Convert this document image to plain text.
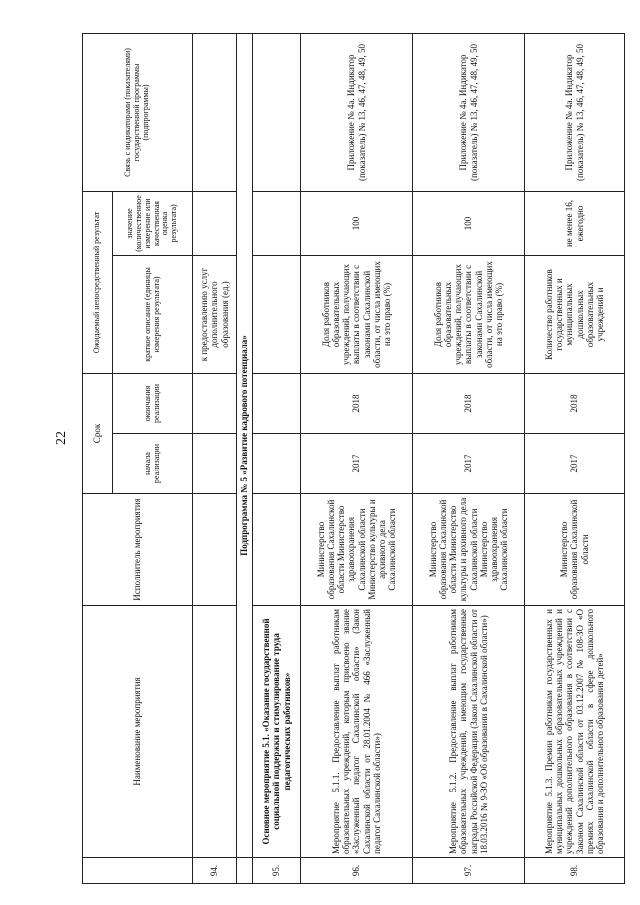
22
	Наименование мероприятия	Исполнитель мероприятия	Срок		Ожидаемый непосредственный результат		Связь с индикаторами (показателями) государственной программы (подпрограммы)
			начала реализации	окончания реализации	краткое описание (единицы измерения результата)	значение (количественное измерение или качественная оценка результата)	
94.					к предоставлению услуг дополнительного образования (ед.)		
	Подпрограмма № 5 «Развитие кадрового потенциала»						
95.	Основное мероприятие 5.1. «Оказание государственной социальной поддержки и стимулирование труда педагогических работников»						
96.	Мероприятие 5.1.1. Предоставление выплат работникам образовательных учреждений, которым присвоено звание «Заслуженный педагог Сахалинской области» (Закон Сахалинской области от 28.01.2004 № 466 «Заслуженный педагог Сахалинской области»)	Министерство образования Сахалинской области Министерство здравоохранения Сахалинской области Министерство культуры и архивного дела Сахалинской области	2017	2018	Доля работников образовательных учреждений, получающих выплаты в соответствии с законами Сахалинской области, от числа имеющих на это право (%)	100	Приложение № 4а. Индикатор (показатель) № 13, 46, 47, 48, 49, 50
97.	Мероприятие 5.1.2. Предоставление выплат работникам образовательных учреждений, имеющим государственные награды Российской Федерации (Закон Сахалинской области от 18.03.2016 № 9-ЗО «Об образовании в Сахалинской области»)	Министерство образования Сахалинской области Министерство культуры и архивного дела Сахалинской области Министерство здравоохранения Сахалинской области	2017	2018	Доля работников образовательных учреждений, получающих выплаты в соответствии с законами Сахалинской области, от числа имеющих на это право (%)	100	Приложение № 4а. Индикатор (показатель) № 13, 46, 47, 48, 49, 50
98.	Мероприятие 5.1.3. Премии работникам государственных и муниципальных дошкольных образовательных учреждений и учреждений дополнительного образования в соответствии с Законом Сахалинской области от 03.12.2007 № 108-ЗО «О премиях Сахалинской области в сфере дошкольного образования и дополнительного образования детей»	Министерство образования Сахалинской области	2017	2018	Количество работников государственных и муниципальных дошкольных образовательных учреждений и	не менее 16, ежегодно	Приложение № 4а. Индикатор (показатель) № 13, 46, 47, 48, 49, 50
